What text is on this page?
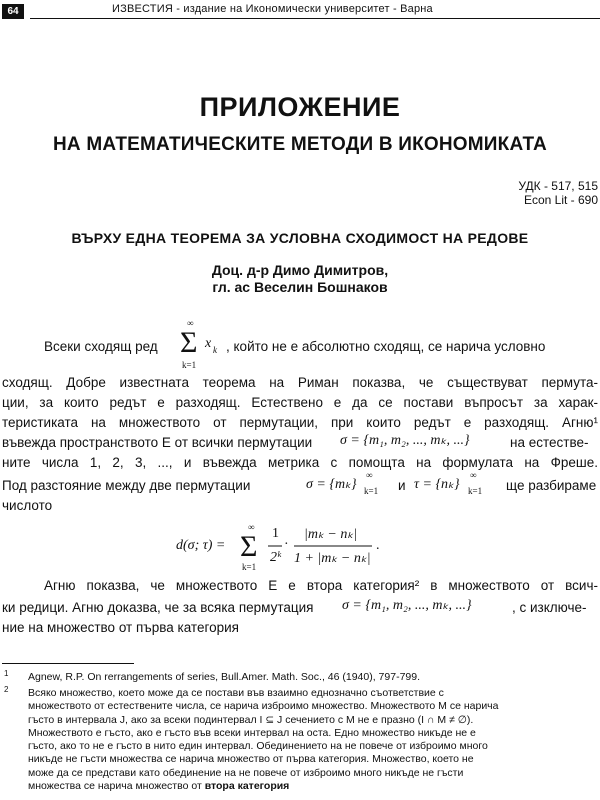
64	ИЗВЕСТИЯ - издание на Икономически университет - Варна
ПРИЛОЖЕНИЕ
НА МАТЕМАТИЧЕСКИТЕ МЕТОДИ В ИКОНОМИКАТА
УДК - 517, 515
Econ Lit - 690
ВЪРХУ ЕДНА ТЕОРЕМА ЗА УСЛОВНА СХОДИМОСТ НА РЕДОВЕ
Доц. д-р Димо Димитров,
гл. ас Веселин Бошнаков
Всеки сходящ ред
∞
Σ
k=1
x k , който не е абсолютно сходящ, се нарича условно
сходящ. Добре известната теорема на Риман показва, че съществуват пермута-
ции, за които редът е разходящ. Естествено е да се постави въпросът за харак-
теристиката на множеството от пермутации, при които редът е разходящ. Агню¹
въвежда пространството E от всички пермутации σ = {m₁, m₂, ..., mₖ, ...}	на естестве-
ните числа 1, 2, 3, ..., и въвежда метрика с помощта на формулата на Фреше.
Под разстояние между две пермутации	σ = {mₖ}
∞
k=1 и τ = {nₖ}
∞
k=1 ще разбираме
числото
d(σ; τ) =
∞
Σ
k=1
1
2ᵏ
·
|mₖ − nₖ|
1 + |mₖ − nₖ|
.
Агню показва, че множеството E е втора категория² в множеството от всич-
ки редици. Агню доказва, че за всяка пермутация σ = {m₁, m₂, ..., mₖ, ...}	, с изключе-
ние на множество от първа категория
1 Agnew, R.P. On rerrangements of series, Bull.Amer. Math. Soc., 46 (1940), 797-799.
2 Всяко множество, което може да се постави във взаимно еднозначно съответствие с
множеството от естествените числа, се нарича изброимо множество. Множеството M се нарича
гъсто в интервала J, ако за всеки подинтервал I ⊆ J сечението с M не е празно (I ∩ M ≠ ∅).
Множеството е гъсто, ако е гъсто във всеки интервал на оста. Едно множество никъде не е
гъсто, ако то не е гъсто в нито един интервал. Обединението на не повече от изброимо много
никъде не гъсти множества се нарича множество от първа категория. Множество, което не
може да се представи като обединение на не повече от изброимо много никъде не гъсти
множества се нарича множество от втора категория
